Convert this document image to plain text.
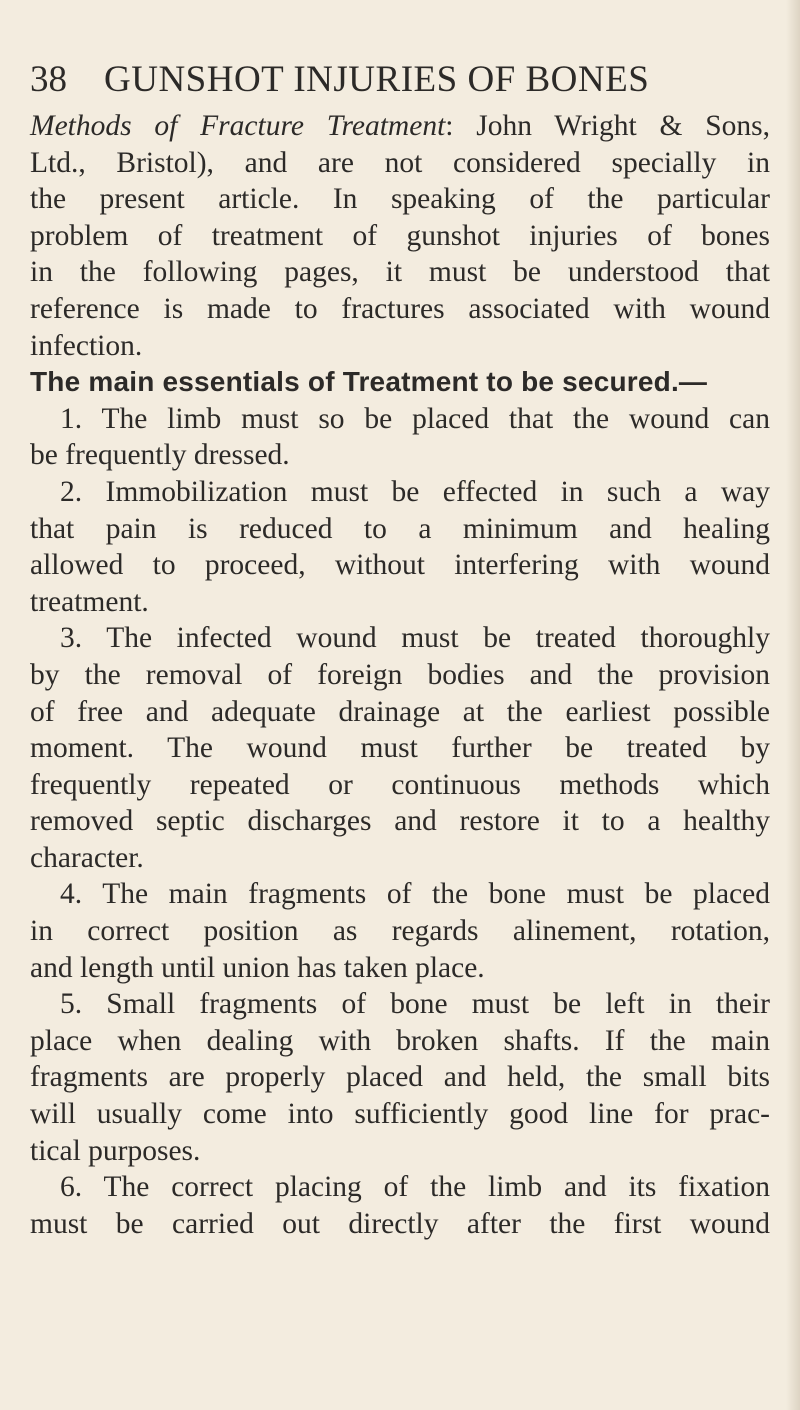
38 GUNSHOT INJURIES OF BONES
Methods of Fracture Treatment: John Wright & Sons,
Ltd., Bristol), and are not considered specially in
the present article. In speaking of the particular
problem of treatment of gunshot injuries of bones
in the following pages, it must be understood that
reference is made to fractures associated with wound
infection.
The main essentials of Treatment to be secured.—
1. The limb must so be placed that the wound can
be frequently dressed.
2. Immobilization must be effected in such a way
that pain is reduced to a minimum and healing
allowed to proceed, without interfering with wound
treatment.
3. The infected wound must be treated thoroughly
by the removal of foreign bodies and the provision
of free and adequate drainage at the earliest possible
moment. The wound must further be treated by
frequently repeated or continuous methods which
removed septic discharges and restore it to a healthy
character.
4. The main fragments of the bone must be placed
in correct position as regards alinement, rotation,
and length until union has taken place.
5. Small fragments of bone must be left in their
place when dealing with broken shafts. If the main
fragments are properly placed and held, the small bits
will usually come into sufficiently good line for prac-
tical purposes.
6. The correct placing of the limb and its fixation
must be carried out directly after the first wound
